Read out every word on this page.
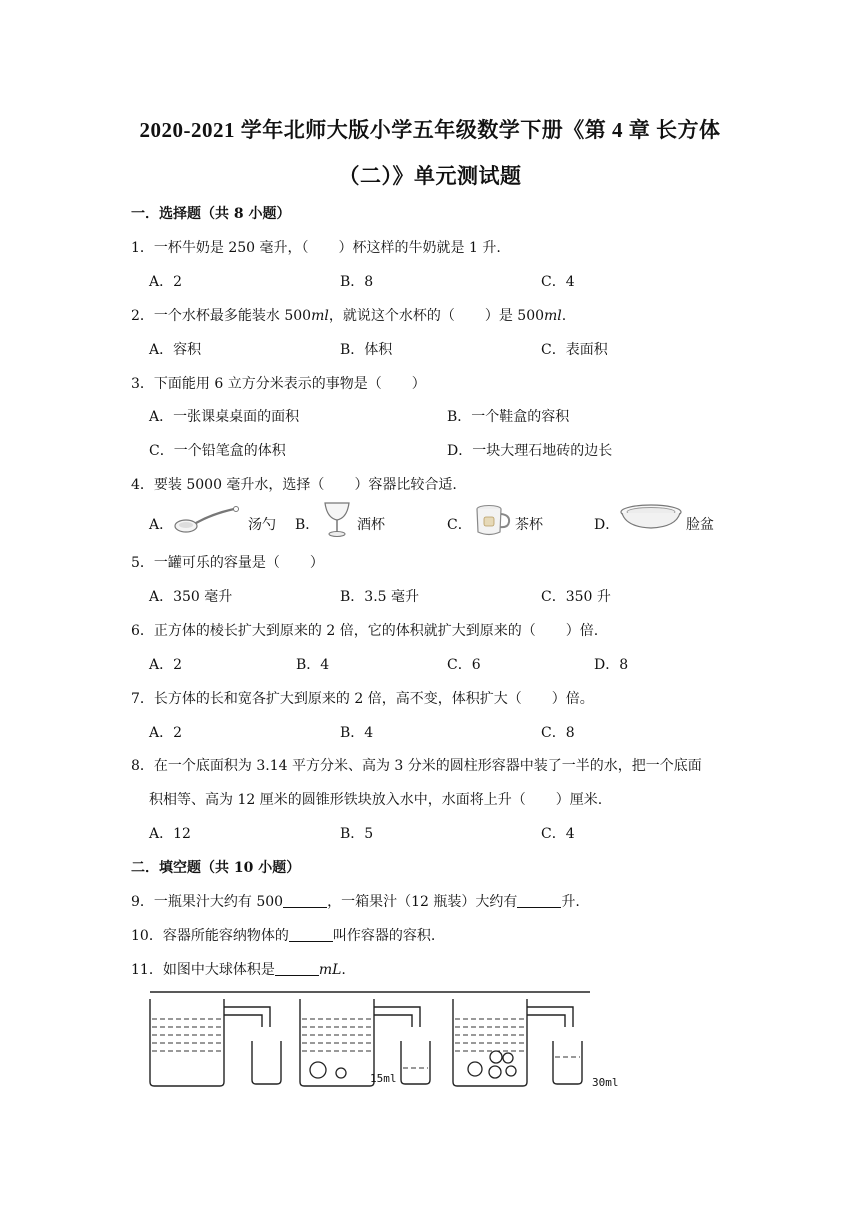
2020-2021 学年北师大版小学五年级数学下册《第 4 章 长方体
（二）》单元测试题
一．选择题（共 8 小题）
1．一杯牛奶是 250 毫升，（ ）杯这样的牛奶就是 1 升.
A．2	B．8	C．4
2．一个水杯最多能装水 500ml，就说这个水杯的（ ）是 500ml.
A．容积	B．体积	C．表面积
3．下面能用 6 立方分米表示的事物是（ ）
A．一张课桌桌面的面积	B．一个鞋盒的容积
C．一个铅笔盒的体积	D．一块大理石地砖的边长
4．要装 5000 毫升水，选择（ ）容器比较合适.
A．	汤勺 B．	酒杯	C．	茶杯	D．	脸盆
5．一罐可乐的容量是（ ）
A．350 毫升	B．3.5 毫升	C．350 升
6．正方体的棱长扩大到原来的 2 倍，它的体积就扩大到原来的（ ）倍.
A．2	B．4	C．6	D．8
7．长方体的长和宽各扩大到原来的 2 倍，高不变，体积扩大（ ）倍。
A．2	B．4	C．8
8．在一个底面积为 3.14 平方分米、高为 3 分米的圆柱形容器中装了一半的水，把一个底面
积相等、高为 12 厘米的圆锥形铁块放入水中，水面将上升（ ）厘米.
A．12	B．5	C．4
二．填空题（共 10 小题）
9．一瓶果汁大约有 500	，一箱果汁（12 瓶装）大约有	升.
10．容器所能容纳物体的	叫作容器的容积.
11．如图中大球体积是	mL.
15ml	30ml
